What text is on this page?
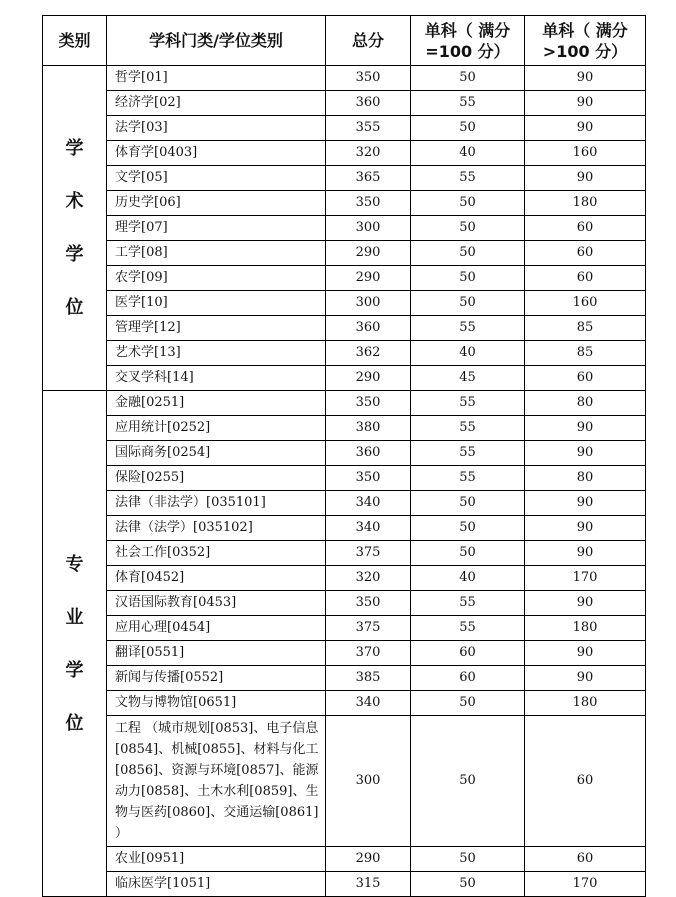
类别	学科门类/学位类别	总分	单科（ 满分=100 分）	单科（ 满分>100 分）

学
术
学
位	哲学[01]	350	50	90
	经济学[02]	360	55	90
	法学[03]	355	50	90
	体育学[0403]	320	40	160
	文学[05]	365	55	90
	历史学[06]	350	50	180
	理学[07]	300	50	60
	工学[08]	290	50	60
	农学[09]	290	50	60
	医学[10]	300	50	160
	管理学[12]	360	55	85
	艺术学[13]	362	40	85
	交叉学科[14]	290	45	60

专
业
学
位	金融[0251]	350	55	80
	应用统计[0252]	380	55	90
	国际商务[0254]	360	55	90
	保险[0255]	350	55	80
	法律（非法学）[035101]	340	50	90
	法律（法学）[035102]	340	50	90
	社会工作[0352]	375	50	90
	体育[0452]	320	40	170
	汉语国际教育[0453]	350	55	90
	应用心理[0454]	375	55	180
	翻译[0551]	370	60	90
	新闻与传播[0552]	385	60	90
	文物与博物馆[0651]	340	50	180
	工程 （城市规划[0853]、电子信息[0854]、机械[0855]、材料与化工[0856]、资源与环境[0857]、能源动力[0858]、土木水利[0859]、生物与医药[0860]、交通运输[0861] ）	300	50	60
	农业[0951]	290	50	60
	临床医学[1051]	315	50	170
